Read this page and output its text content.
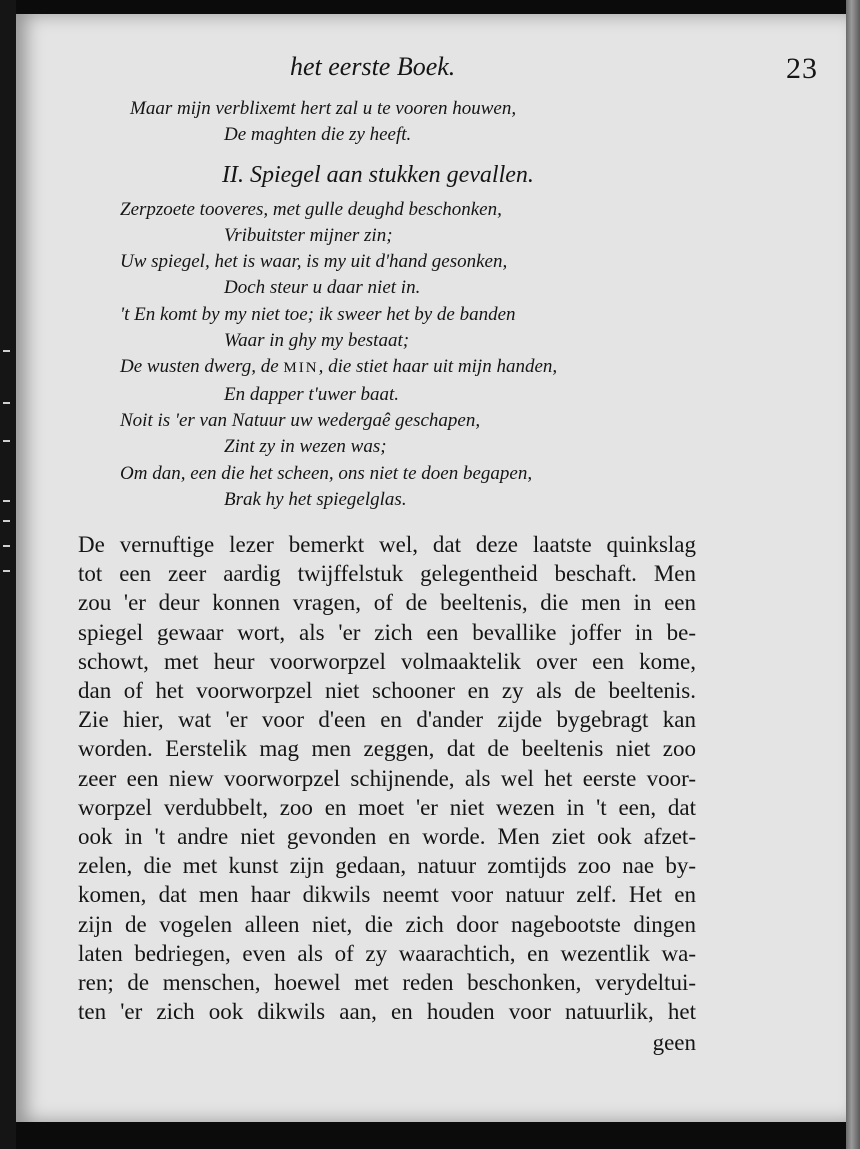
het eerste Boek.	23
Maar mijn verblixemt hert zal u te vooren houwen,
De maghten die zy heeft.
II. Spiegel aan stukken gevallen.
Zerpzoete tooveres, met gulle deughd beschonken,
Vribuitster mijner zin;
Uw spiegel, het is waar, is my uit d'hand gesonken,
Doch steur u daar niet in.
't En komt by my niet toe; ik sweer het by de banden
Waar in ghy my bestaat;
De wusten dwerg, de MIN, die stiet haar uit mijn handen,
En dapper t'uwer baat.
Noit is 'er van Natuur uw wedergaê geschapen,
Zint zy in wezen was;
Om dan, een die het scheen, ons niet te doen begapen,
Brak hy het spiegelglas.
De vernuftige lezer bemerkt wel, dat deze laatste quinkslag
tot een zeer aardig twijffelstuk gelegentheid beschaft. Men
zou 'er deur konnen vragen, of de beeltenis, die men in een
spiegel gewaar wort, als 'er zich een bevallike joffer in be-
schowt, met heur voorworpzel volmaaktelik over een kome,
dan of het voorworpzel niet schooner en zy als de beeltenis.
Zie hier, wat 'er voor d'een en d'ander zijde bygebragt kan
worden. Eerstelik mag men zeggen, dat de beeltenis niet zoo
zeer een niew voorworpzel schijnende, als wel het eerste voor-
worpzel verdubbelt, zoo en moet 'er niet wezen in 't een, dat
ook in 't andre niet gevonden en worde. Men ziet ook afzet-
zelen, die met kunst zijn gedaan, natuur zomtijds zoo nae by-
komen, dat men haar dikwils neemt voor natuur zelf. Het en
zijn de vogelen alleen niet, die zich door nagebootste dingen
laten bedriegen, even als of zy waarachtich, en wezentlik wa-
ren; de menschen, hoewel met reden beschonken, verydeltui-
ten 'er zich ook dikwils aan, en houden voor natuurlik, het
geen
